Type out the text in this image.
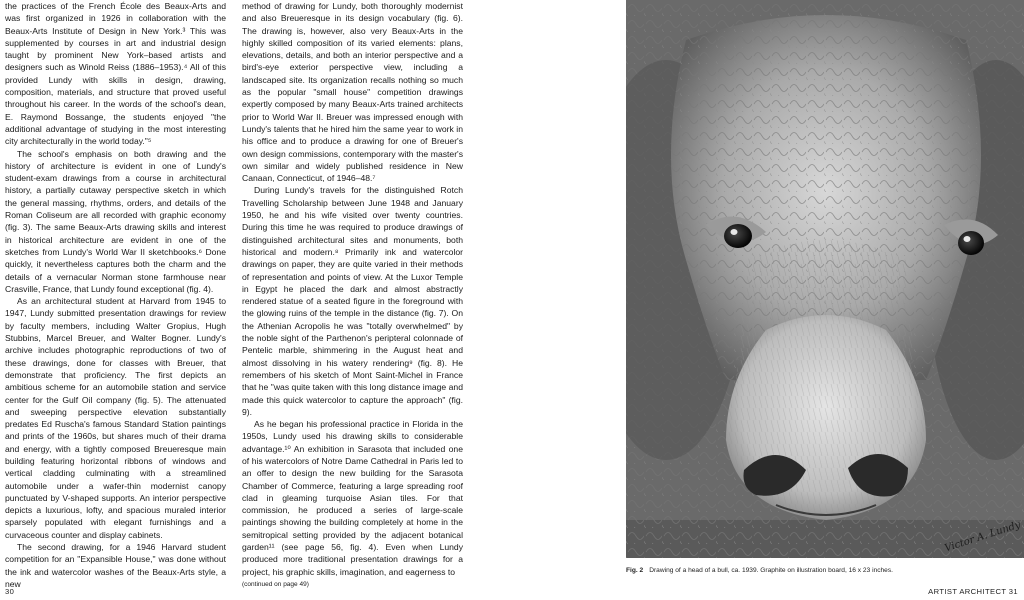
the practices of the French École des Beaux-Arts and was first organized in 1926 in collaboration with the Beaux-Arts Institute of Design in New York.³ This was supplemented by courses in art and industrial design taught by prominent New York–based artists and designers such as Winold Reiss (1886–1953).⁴ All of this provided Lundy with skills in design, drawing, composition, materials, and structure that proved useful throughout his career. In the words of the school's dean, E. Raymond Bossange, the students enjoyed "the additional advantage of studying in the most interesting city architecturally in the world today."⁵

The school's emphasis on both drawing and the history of architecture is evident in one of Lundy's student-exam drawings from a course in architectural history, a partially cutaway perspective sketch in which the general massing, rhythms, orders, and details of the Roman Coliseum are all recorded with graphic economy (fig. 3). The same Beaux-Arts drawing skills and interest in historical architecture are evident in one of the sketches from Lundy's World War II sketchbooks.⁶ Done quickly, it nevertheless captures both the charm and the details of a vernacular Norman stone farmhouse near Crasville, France, that Lundy found exceptional (fig. 4).

As an architectural student at Harvard from 1945 to 1947, Lundy submitted presentation drawings for review by faculty members, including Walter Gropius, Hugh Stubbins, Marcel Breuer, and Walter Bogner. Lundy's archive includes photographic reproductions of two of these drawings, done for classes with Breuer, that demonstrate that proficiency. The first depicts an ambitious scheme for an automobile station and service center for the Gulf Oil company (fig. 5). The attenuated and sweeping perspective elevation substantially predates Ed Ruscha's famous Standard Station paintings and prints of the 1960s, but shares much of their drama and energy, with a tightly composed Breueresque main building featuring horizontal ribbons of windows and vertical cladding culminating with a streamlined automobile under a wafer-thin modernist canopy punctuated by V-shaped supports. An interior perspective depicts a luxurious, lofty, and spacious muraled interior sparsely populated with elegant furnishings and a curvaceous counter and display cabinets.

The second drawing, for a 1946 Harvard student competition for an "Expansible House," was done without the ink and watercolor washes of the Beaux-Arts style, a new

method of drawing for Lundy, both thoroughly modernist and also Breueresque in its design vocabulary (fig. 6). The drawing is, however, also very Beaux-Arts in the highly skilled composition of its varied elements: plans, elevations, details, and both an interior perspective and a bird's-eye exterior perspective view, including a landscaped site. Its organization recalls nothing so much as the popular "small house" competition drawings expertly composed by many Beaux-Arts trained architects prior to World War II. Breuer was impressed enough with Lundy's talents that he hired him the same year to work in his office and to produce a drawing for one of Breuer's own design commissions, contemporary with the master's own similar and widely published residence in New Canaan, Connecticut, of 1946–48.⁷

During Lundy's travels for the distinguished Rotch Travelling Scholarship between June 1948 and January 1950, he and his wife visited over twenty countries. During this time he was required to produce drawings of distinguished architectural sites and monuments, both historical and modern.⁸ Primarily ink and watercolor drawings on paper, they are quite varied in their methods of representation and points of view. At the Luxor Temple in Egypt he placed the dark and almost abstractly rendered statue of a seated figure in the foreground with the glowing ruins of the temple in the distance (fig. 7). On the Athenian Acropolis he was "totally overwhelmed" by the noble sight of the Parthenon's peripteral colonnade of Pentelic marble, shimmering in the August heat and almost dissolving in his watery rendering⁹ (fig. 8). He remembers of his sketch of Mont Saint-Michel in France that he "was quite taken with this long distance image and made this quick watercolor to capture the approach" (fig. 9).

As he began his professional practice in Florida in the 1950s, Lundy used his drawing skills to considerable advantage.¹⁰ An exhibition in Sarasota that included one of his watercolors of Notre Dame Cathedral in Paris led to an offer to design the new building for the Sarasota Chamber of Commerce, featuring a large spreading roof clad in gleaming turquoise Asian tiles. For that commission, he produced a series of large-scale paintings showing the building completely at home in the semitropical setting provided by the adjacent botanical garden¹¹ (see page 56, fig. 4). Even when Lundy produced more traditional presentation drawings for a project, his graphic skills, imagination, and eagerness to

(continued on page 49)
Victor A. Lundy
Fig. 2 Drawing of a head of a bull, ca. 1939. Graphite on illustration board, 16 x 23 inches.
30	ARTIST ARCHITECT 31
